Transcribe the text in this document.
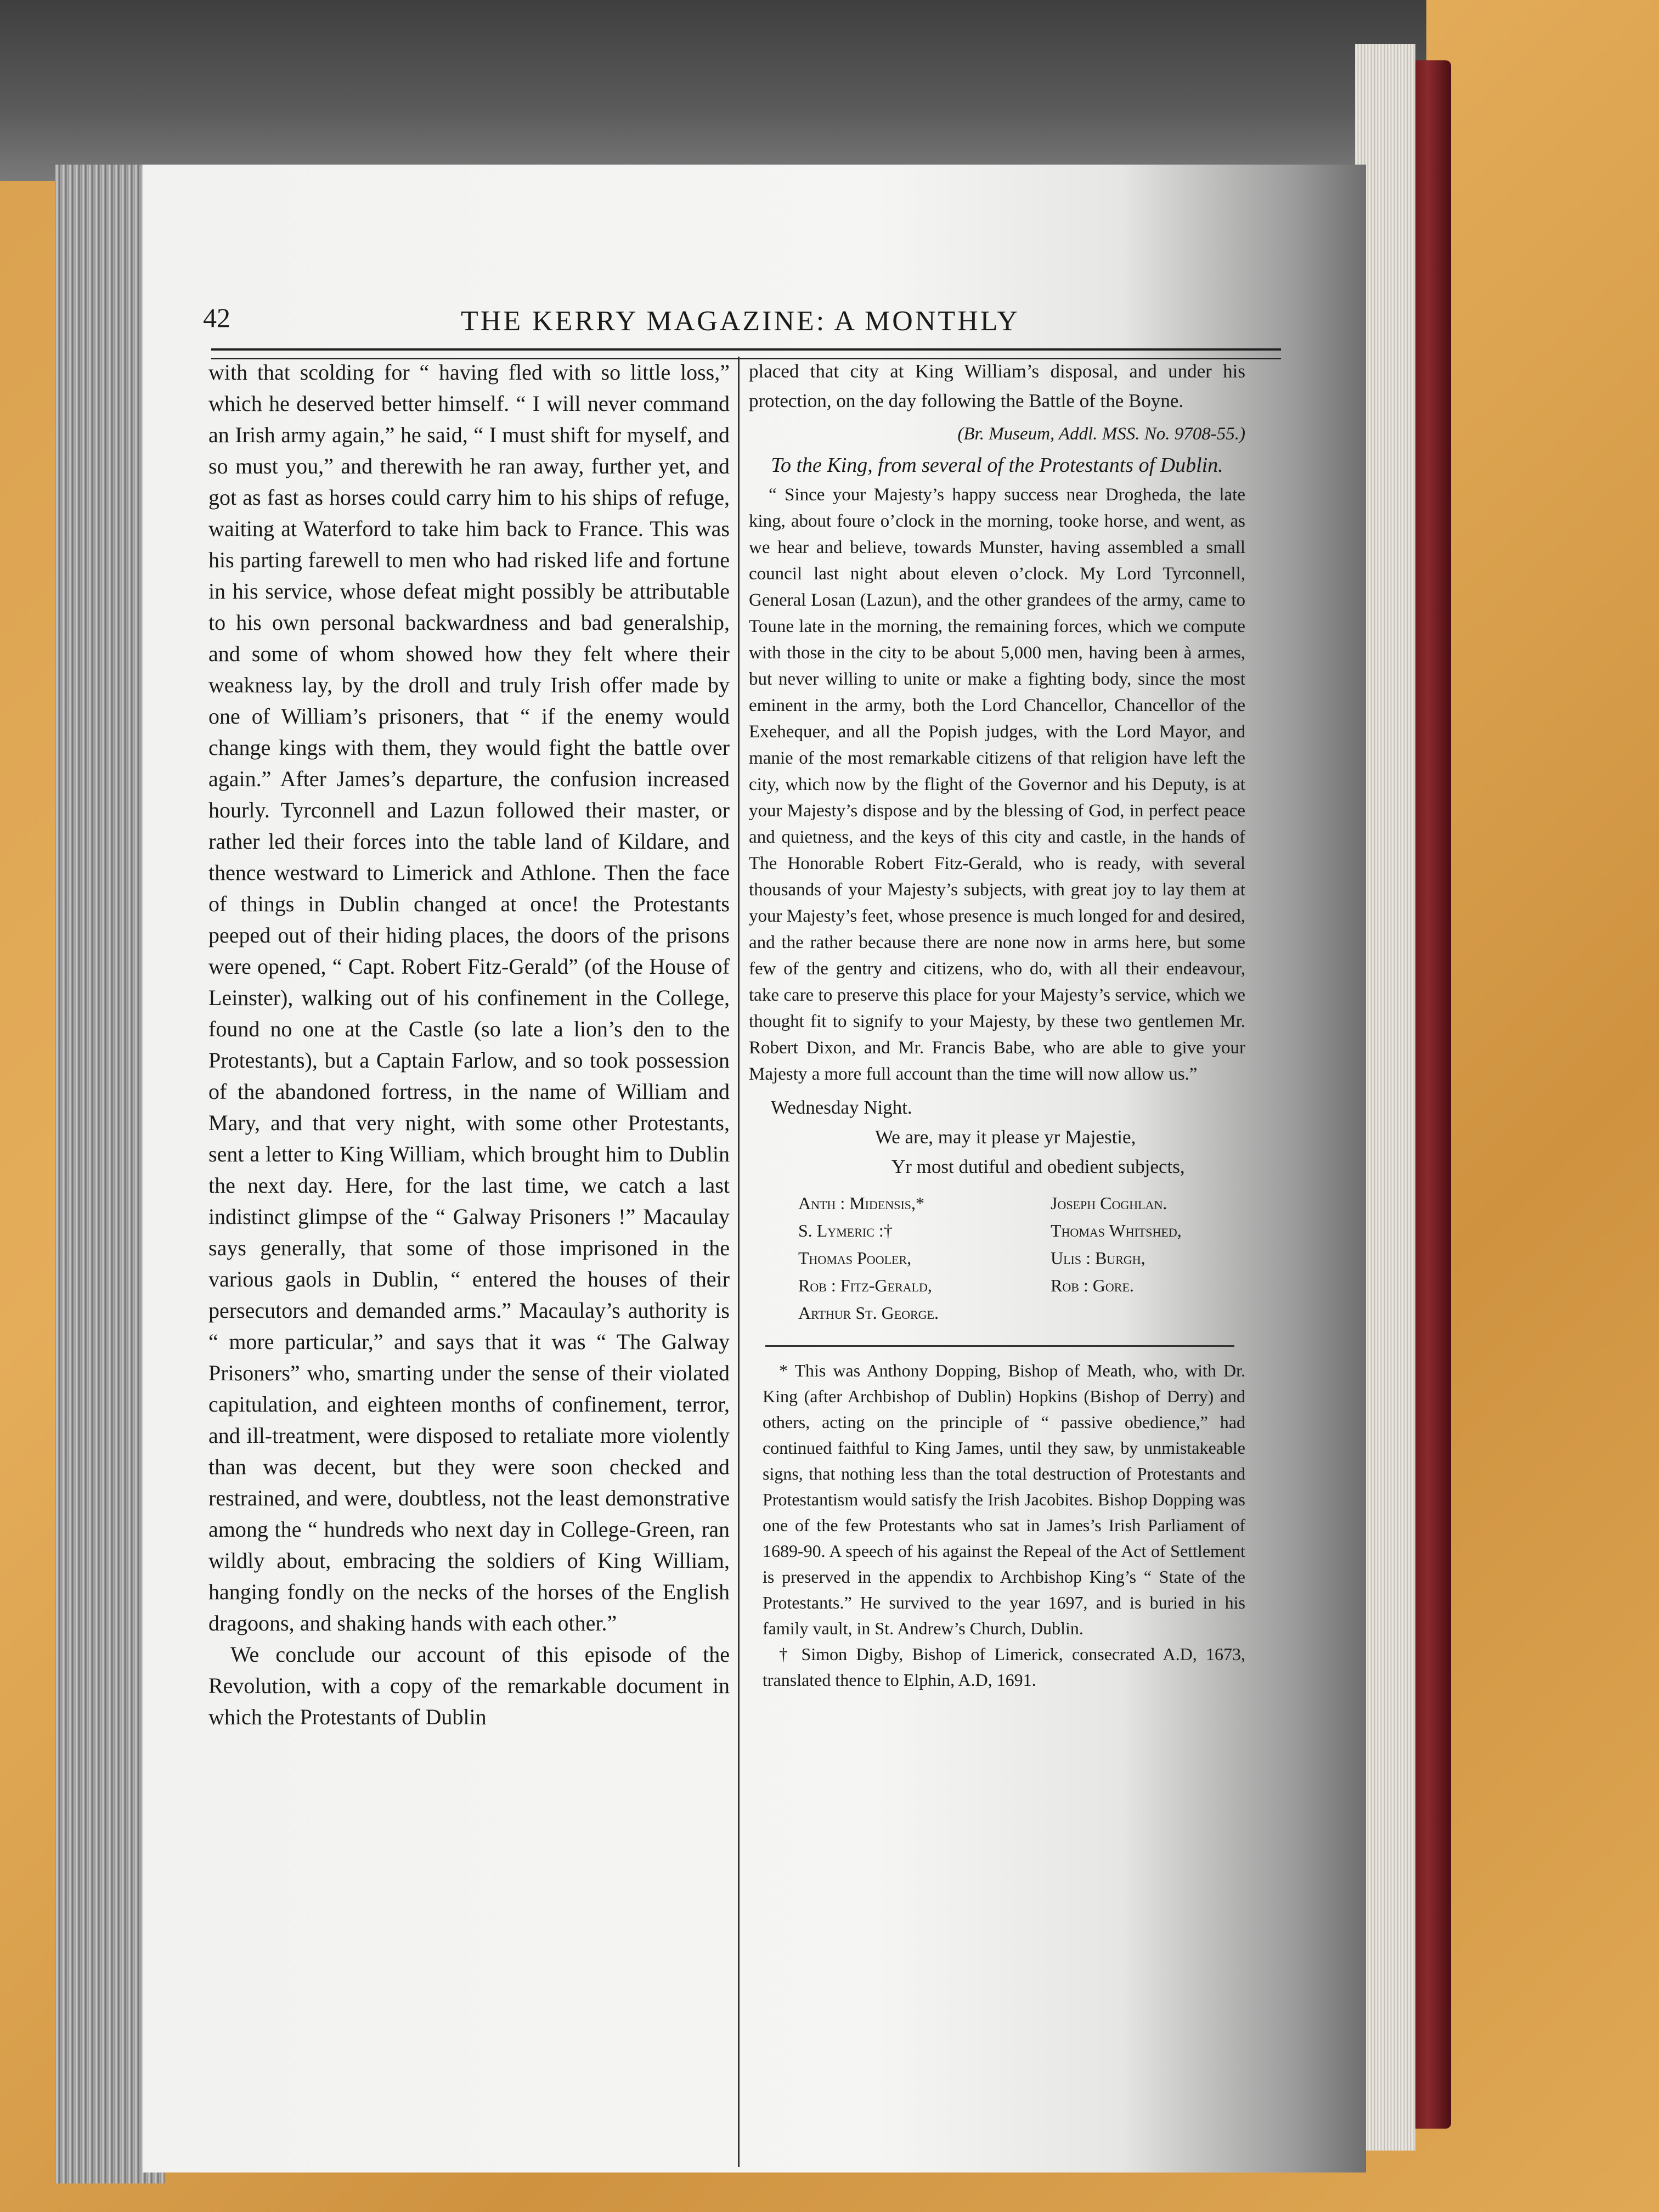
42	THE KERRY MAGAZINE: A MONTHLY

with that scolding for “ having fled with so little loss,” which he deserved better himself. “ I will never command an Irish army again,” he said, “ I must shift for myself, and so must you,” and therewith he ran away, further yet, and got as fast as horses could carry him to his ships of refuge, waiting at Waterford to take him back to France. This was his parting farewell to men who had risked life and fortune in his service, whose defeat might possibly be attributable to his own personal backwardness and bad generalship, and some of whom showed how they felt where their weakness lay, by the droll and truly Irish offer made by one of William’s prisoners, that “ if the enemy would change kings with them, they would fight the battle over again.” After James’s departure, the confusion increased hourly. Tyrconnell and Lazun followed their master, or rather led their forces into the table land of Kildare, and thence westward to Limerick and Athlone. Then the face of things in Dublin changed at once! the Protestants peeped out of their hiding places, the doors of the prisons were opened, “ Capt. Robert Fitz-Gerald” (of the House of Leinster), walking out of his confinement in the College, found no one at the Castle (so late a lion’s den to the Protestants), but a Captain Farlow, and so took possession of the abandoned fortress, in the name of William and Mary, and that very night, with some other Protestants, sent a letter to King William, which brought him to Dublin the next day. Here, for the last time, we catch a last indistinct glimpse of the “ Galway Prisoners !” Macaulay says generally, that some of those imprisoned in the various gaols in Dublin, “ entered the houses of their persecutors and demanded arms.” Macaulay’s authority is “ more particular,” and says that it was “ The Galway Prisoners” who, smarting under the sense of their violated capitulation, and eighteen months of confinement, terror, and ill-treatment, were disposed to retaliate more violently than was decent, but they were soon checked and restrained, and were, doubtless, not the least demonstrative among the “ hundreds who next day in College-Green, ran wildly about, embracing the soldiers of King William, hanging fondly on the necks of the horses of the English dragoons, and shaking hands with each other.”

We conclude our account of this episode of the Revolution, with a copy of the remarkable document in which the Protestants of Dublin

placed that city at King William’s disposal, and under his protection, on the day following the Battle of the Boyne.

(Br. Museum, Addl. MSS. No. 9708-55.)

To the King, from several of the Protestants of Dublin.

“ Since your Majesty’s happy success near Drogheda, the late king, about foure o’clock in the morning, tooke horse, and went, as we hear and believe, towards Munster, having assembled a small council last night about eleven o’clock. My Lord Tyrconnell, General Losan (Lazun), and the other grandees of the army, came to Toune late in the morning, the remaining forces, which we compute with those in the city to be about 5,000 men, having been à armes, but never willing to unite or make a fighting body, since the most eminent in the army, both the Lord Chancellor, Chancellor of the Exehequer, and all the Popish judges, with the Lord Mayor, and manie of the most remarkable citizens of that religion have left the city, which now by the flight of the Governor and his Deputy, is at your Majesty’s dispose and by the blessing of God, in perfect peace and quietness, and the keys of this city and castle, in the hands of The Honorable Robert Fitz-Gerald, who is ready, with several thousands of your Majesty’s subjects, with great joy to lay them at your Majesty’s feet, whose presence is much longed for and desired, and the rather because there are none now in arms here, but some few of the gentry and citizens, who do, with all their endeavour, take care to preserve this place for your Majesty’s service, which we thought fit to signify to your Majesty, by these two gentlemen Mr. Robert Dixon, and Mr. Francis Babe, who are able to give your Majesty a more full account than the time will now allow us.”

Wednesday Night.

We are, may it please yr Majestie,

Yr most dutiful and obedient subjects,

Anth : Midensis,*	Joseph Coghlan.
S. Lymeric :†	Thomas Whitshed,
Thomas Pooler,	Ulis : Burgh,
Rob : Fitz-Gerald,	Rob : Gore.
Arthur St. George.

* This was Anthony Dopping, Bishop of Meath, who, with Dr. King (after Archbishop of Dublin) Hopkins (Bishop of Derry) and others, acting on the principle of “ passive obedience,” had continued faithful to King James, until they saw, by unmistakeable signs, that nothing less than the total destruction of Protestants and Protestantism would satisfy the Irish Jacobites. Bishop Dopping was one of the few Protestants who sat in James’s Irish Parliament of 1689-90. A speech of his against the Repeal of the Act of Settlement is preserved in the appendix to Archbishop King’s “ State of the Protestants.” He survived to the year 1697, and is buried in his family vault, in St. Andrew’s Church, Dublin.

† Simon Digby, Bishop of Limerick, consecrated A.D, 1673, translated thence to Elphin, A.D, 1691.
